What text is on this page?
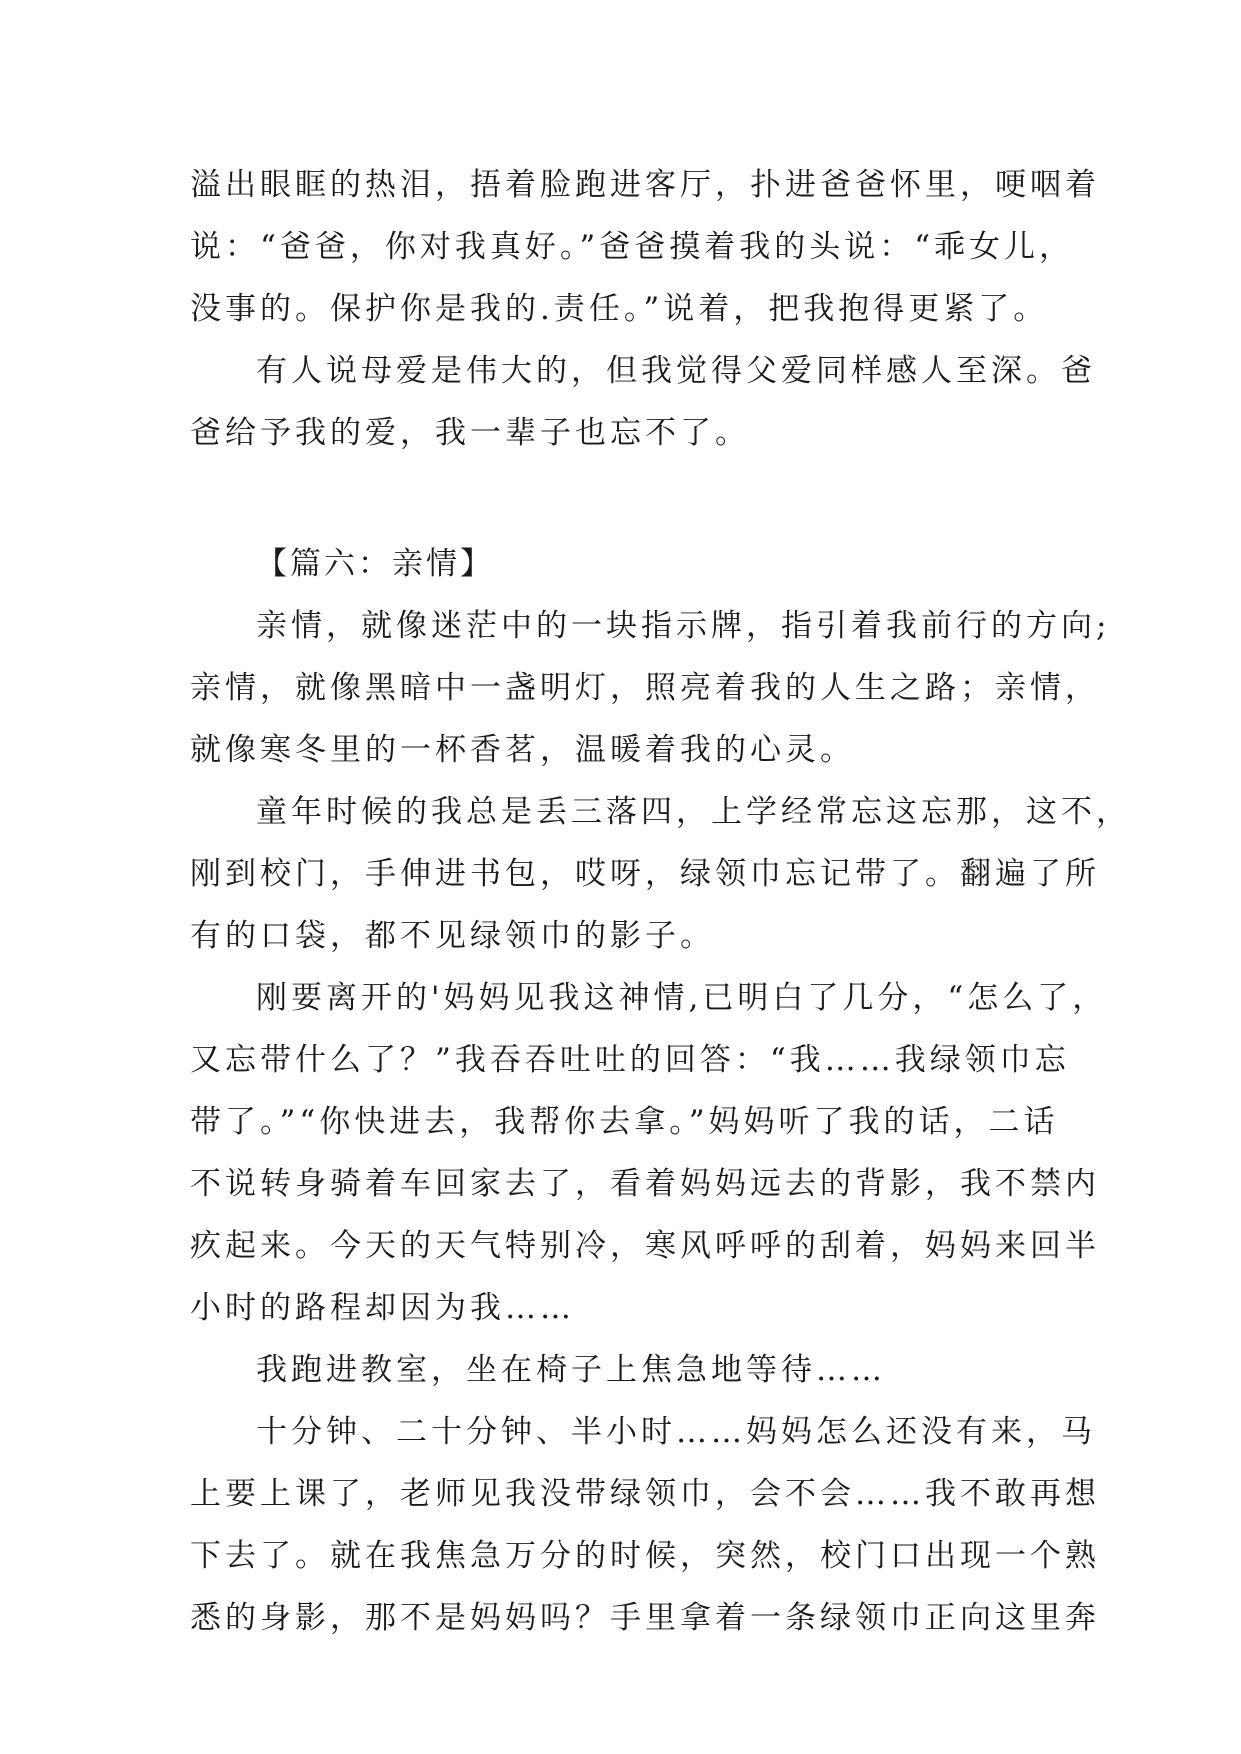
溢出眼眶的热泪，捂着脸跑进客厅，扑进爸爸怀里，哽咽着
说：“爸爸，你对我真好。”爸爸摸着我的头说：“乖女儿，
没事的。保护你是我的.责任。”说着，把我抱得更紧了。
有人说母爱是伟大的，但我觉得父爱同样感人至深。爸
爸给予我的爱，我一辈子也忘不了。
【篇六：亲情】
亲情，就像迷茫中的一块指示牌，指引着我前行的方向;
亲情，就像黑暗中一盏明灯，照亮着我的人生之路；亲情，
就像寒冬里的一杯香茗，温暖着我的心灵。
童年时候的我总是丢三落四，上学经常忘这忘那，这不，
刚到校门，手伸进书包，哎呀，绿领巾忘记带了。翻遍了所
有的口袋，都不见绿领巾的影子。
刚要离开的'妈妈见我这神情,已明白了几分，“怎么了，
又忘带什么了？”我吞吞吐吐的回答：“我……我绿领巾忘
带了。”“你快进去，我帮你去拿。”妈妈听了我的话，二话
不说转身骑着车回家去了，看着妈妈远去的背影，我不禁内
疚起来。今天的天气特别冷，寒风呼呼的刮着，妈妈来回半
小时的路程却因为我……
我跑进教室，坐在椅子上焦急地等待……
十分钟、二十分钟、半小时……妈妈怎么还没有来，马
上要上课了，老师见我没带绿领巾，会不会……我不敢再想
下去了。就在我焦急万分的时候，突然，校门口出现一个熟
悉的身影，那不是妈妈吗？手里拿着一条绿领巾正向这里奔
